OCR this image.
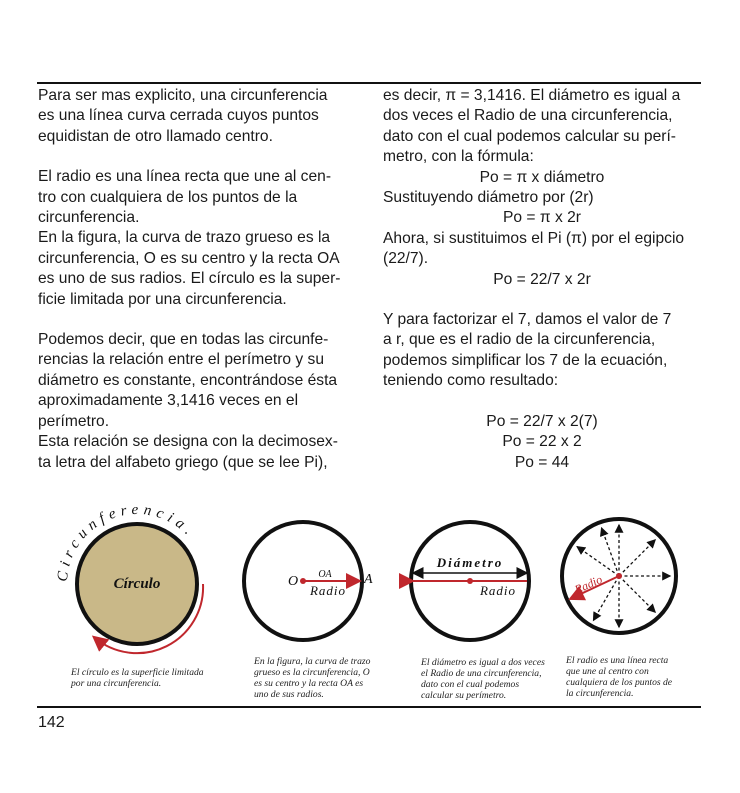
Para ser mas explicito, una circunferencia

es una línea curva cerrada cuyos puntos

equidistan de otro llamado centro.

El radio es una línea recta que une al cen-

tro con cualquiera de los puntos de la

circunferencia.

En la figura, la curva de trazo grueso es la

circunferencia, O es su centro y la recta OA

es uno de sus radios. El círculo es la super-

ficie limitada por una circunferencia.

Podemos decir, que en todas las circunfe-

rencias la relación entre el perímetro y su

diámetro es constante, encontrándose ésta

aproximadamente 3,1416 veces en el

perímetro.

Esta relación se designa con la decimosex-

ta letra del alfabeto griego (que se lee Pi),

es decir, π = 3,1416. El diámetro es igual a

dos veces el Radio de una circunferencia,

dato con el cual podemos calcular su perí-

metro, con la fórmula:

Po = π x diámetro

Sustituyendo diámetro por (2r)

Po = π x 2r

Ahora, si sustituimos el Pi (π) por el egipcio

(22/7).

Po = 22/7 x 2r

Y para factorizar el 7, damos el valor de 7

a r, que es el radio de la circunferencia,

podemos simplificar los 7 de la ecuación,

teniendo como resultado:

Po = 22/7 x 2(7)

Po = 22 x 2

Po = 44

Circunferencia.
Círculo	O	A
OA
Radio
Diámetro
Radio	Radio
El círculo es la superficie limitada
por una circunferencia.
En la figura, la curva de trazo
grueso es la circunferencia, O
es su centro y la recta OA es
uno de sus radios.
El diámetro es igual a dos veces
el Radio de una circunferencia,
dato con el cual podemos
calcular su perímetro.
El radio es una línea recta
que une al centro con
cualquiera de los puntos de
la circunferencia.
142
